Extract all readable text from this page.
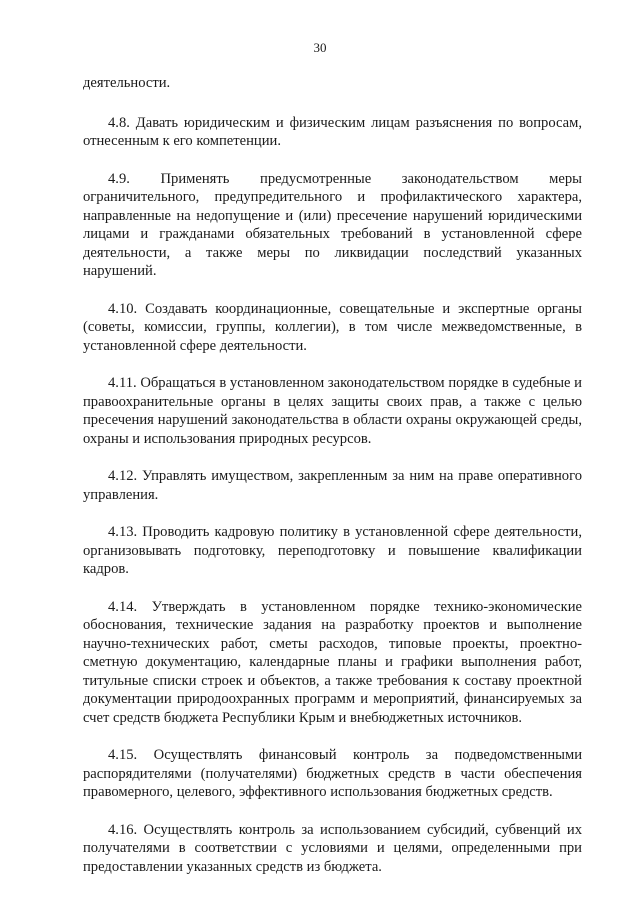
30

деятельности.

4.8. Давать юридическим и физическим лицам разъяснения по вопросам, отнесенным к его компетенции.

4.9. Применять предусмотренные законодательством меры ограничительного, предупредительного и профилактического характера, направленные на недопущение и (или) пресечение нарушений юридическими лицами и гражданами обязательных требований в установленной сфере деятельности, а также меры по ликвидации последствий указанных нарушений.

4.10. Создавать координационные, совещательные и экспертные органы (советы, комиссии, группы, коллегии), в том числе межведомственные, в установленной сфере деятельности.

4.11. Обращаться в установленном законодательством порядке в судебные и правоохранительные органы в целях защиты своих прав, а также с целью пресечения нарушений законодательства в области охраны окружающей среды, охраны и использования природных ресурсов.

4.12. Управлять имуществом, закрепленным за ним на праве оперативного управления.

4.13. Проводить кадровую политику в установленной сфере деятельности, организовывать подготовку, переподготовку и повышение квалификации кадров.

4.14. Утверждать в установленном порядке технико-экономические обоснования, технические задания на разработку проектов и выполнение научно-технических работ, сметы расходов, типовые проекты, проектно-сметную документацию, календарные планы и графики выполнения работ, титульные списки строек и объектов, а также требования к составу проектной документации природоохранных программ и мероприятий, финансируемых за счет средств бюджета Республики Крым и внебюджетных источников.

4.15. Осуществлять финансовый контроль за подведомственными распорядителями (получателями) бюджетных средств в части обеспечения правомерного, целевого, эффективного использования бюджетных средств.

4.16. Осуществлять контроль за использованием субсидий, субвенций их получателями в соответствии с условиями и целями, определенными при предоставлении указанных средств из бюджета.
